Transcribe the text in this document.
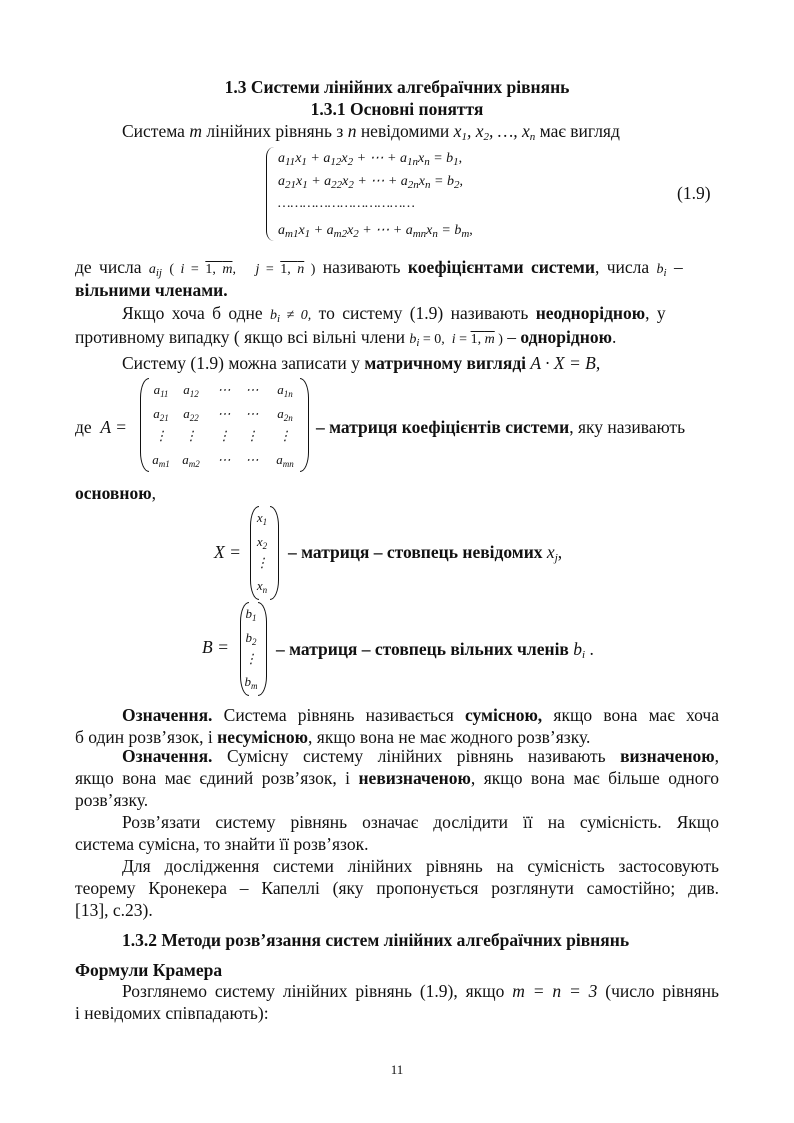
1.3 Системи лінійних алгебраїчних рівнянь
1.3.1 Основні поняття
Система m лінійних рівнянь з n невідомими $x_1$, $x_2$, …, $x_n$ має вигляд
$a_{11}x_1 + a_{12}x_2$ + ⋯ + $a_{1n}x_n = b_1$,
$a_{21}x_1 + a_{22}x_2$ + ⋯ + $a_{2n}x_n = b_2$,
……………………………
$a_{m1}x_1 + a_{m2}x_2$ + ⋯ + $a_{mn}x_n = b_m$,
(1.9)
де числа $a_{ij}$ ( i = 1, m,   j = 1, n ) називають коефіцієнтами системи, числа $b_i$ –
вільними членами.
Якщо хоча б одне $b_i \ne 0$, то систему (1.9) називають неоднорідною, у
противному випадку ( якщо всі вільні члени $b_i = 0$,  i = 1, m ) – однорідною.
Систему (1.9) можна записати у матричному вигляді A · X = B,
де A =
$a_{11}$	$a_{12}$	⋯	⋯	$a_{1n}$
$a_{21}$	$a_{22}$	⋯	⋯	$a_{2n}$
⋮	⋮	⋮	⋮	⋮
$a_{m1}$ $a_{m2}$	⋯	⋯	$a_{mn}$
– матриця коефіцієнтів системи, яку називають
основною,
X =
$x_1$
$x_2$
⋮
$x_n$
– матриця – стовпець невідомих $x_j$,
B =
$b_1$
$b_2$
⋮
$b_m$
– матриця – стовпець вільних членів $b_i$ .
Означення. Система рівнянь називається сумісною, якщо вона має хоча
б один розв’язок, і несумісною, якщо вона не має жодного розв’язку.
Означення. Сумісну систему лінійних рівнянь називають визначеною,
якщо вона має єдиний розв’язок, і невизначеною, якщо вона має більше одного
розв’язку.
Розв’язати систему рівнянь означає дослідити її на сумісність. Якщо
система сумісна, то знайти її розв’язок.
Для дослідження системи лінійних рівнянь на сумісність застосовують
теорему Кронекера – Капеллі (яку пропонується розглянути самостійно; див.
[13], с.23).
1.3.2 Методи розв’язання систем лінійних алгебраїчних рівнянь
Формули Крамера
Розглянемо систему лінійних рівнянь (1.9), якщо m = n = 3 (число рівнянь
і невідомих співпадають):
11
